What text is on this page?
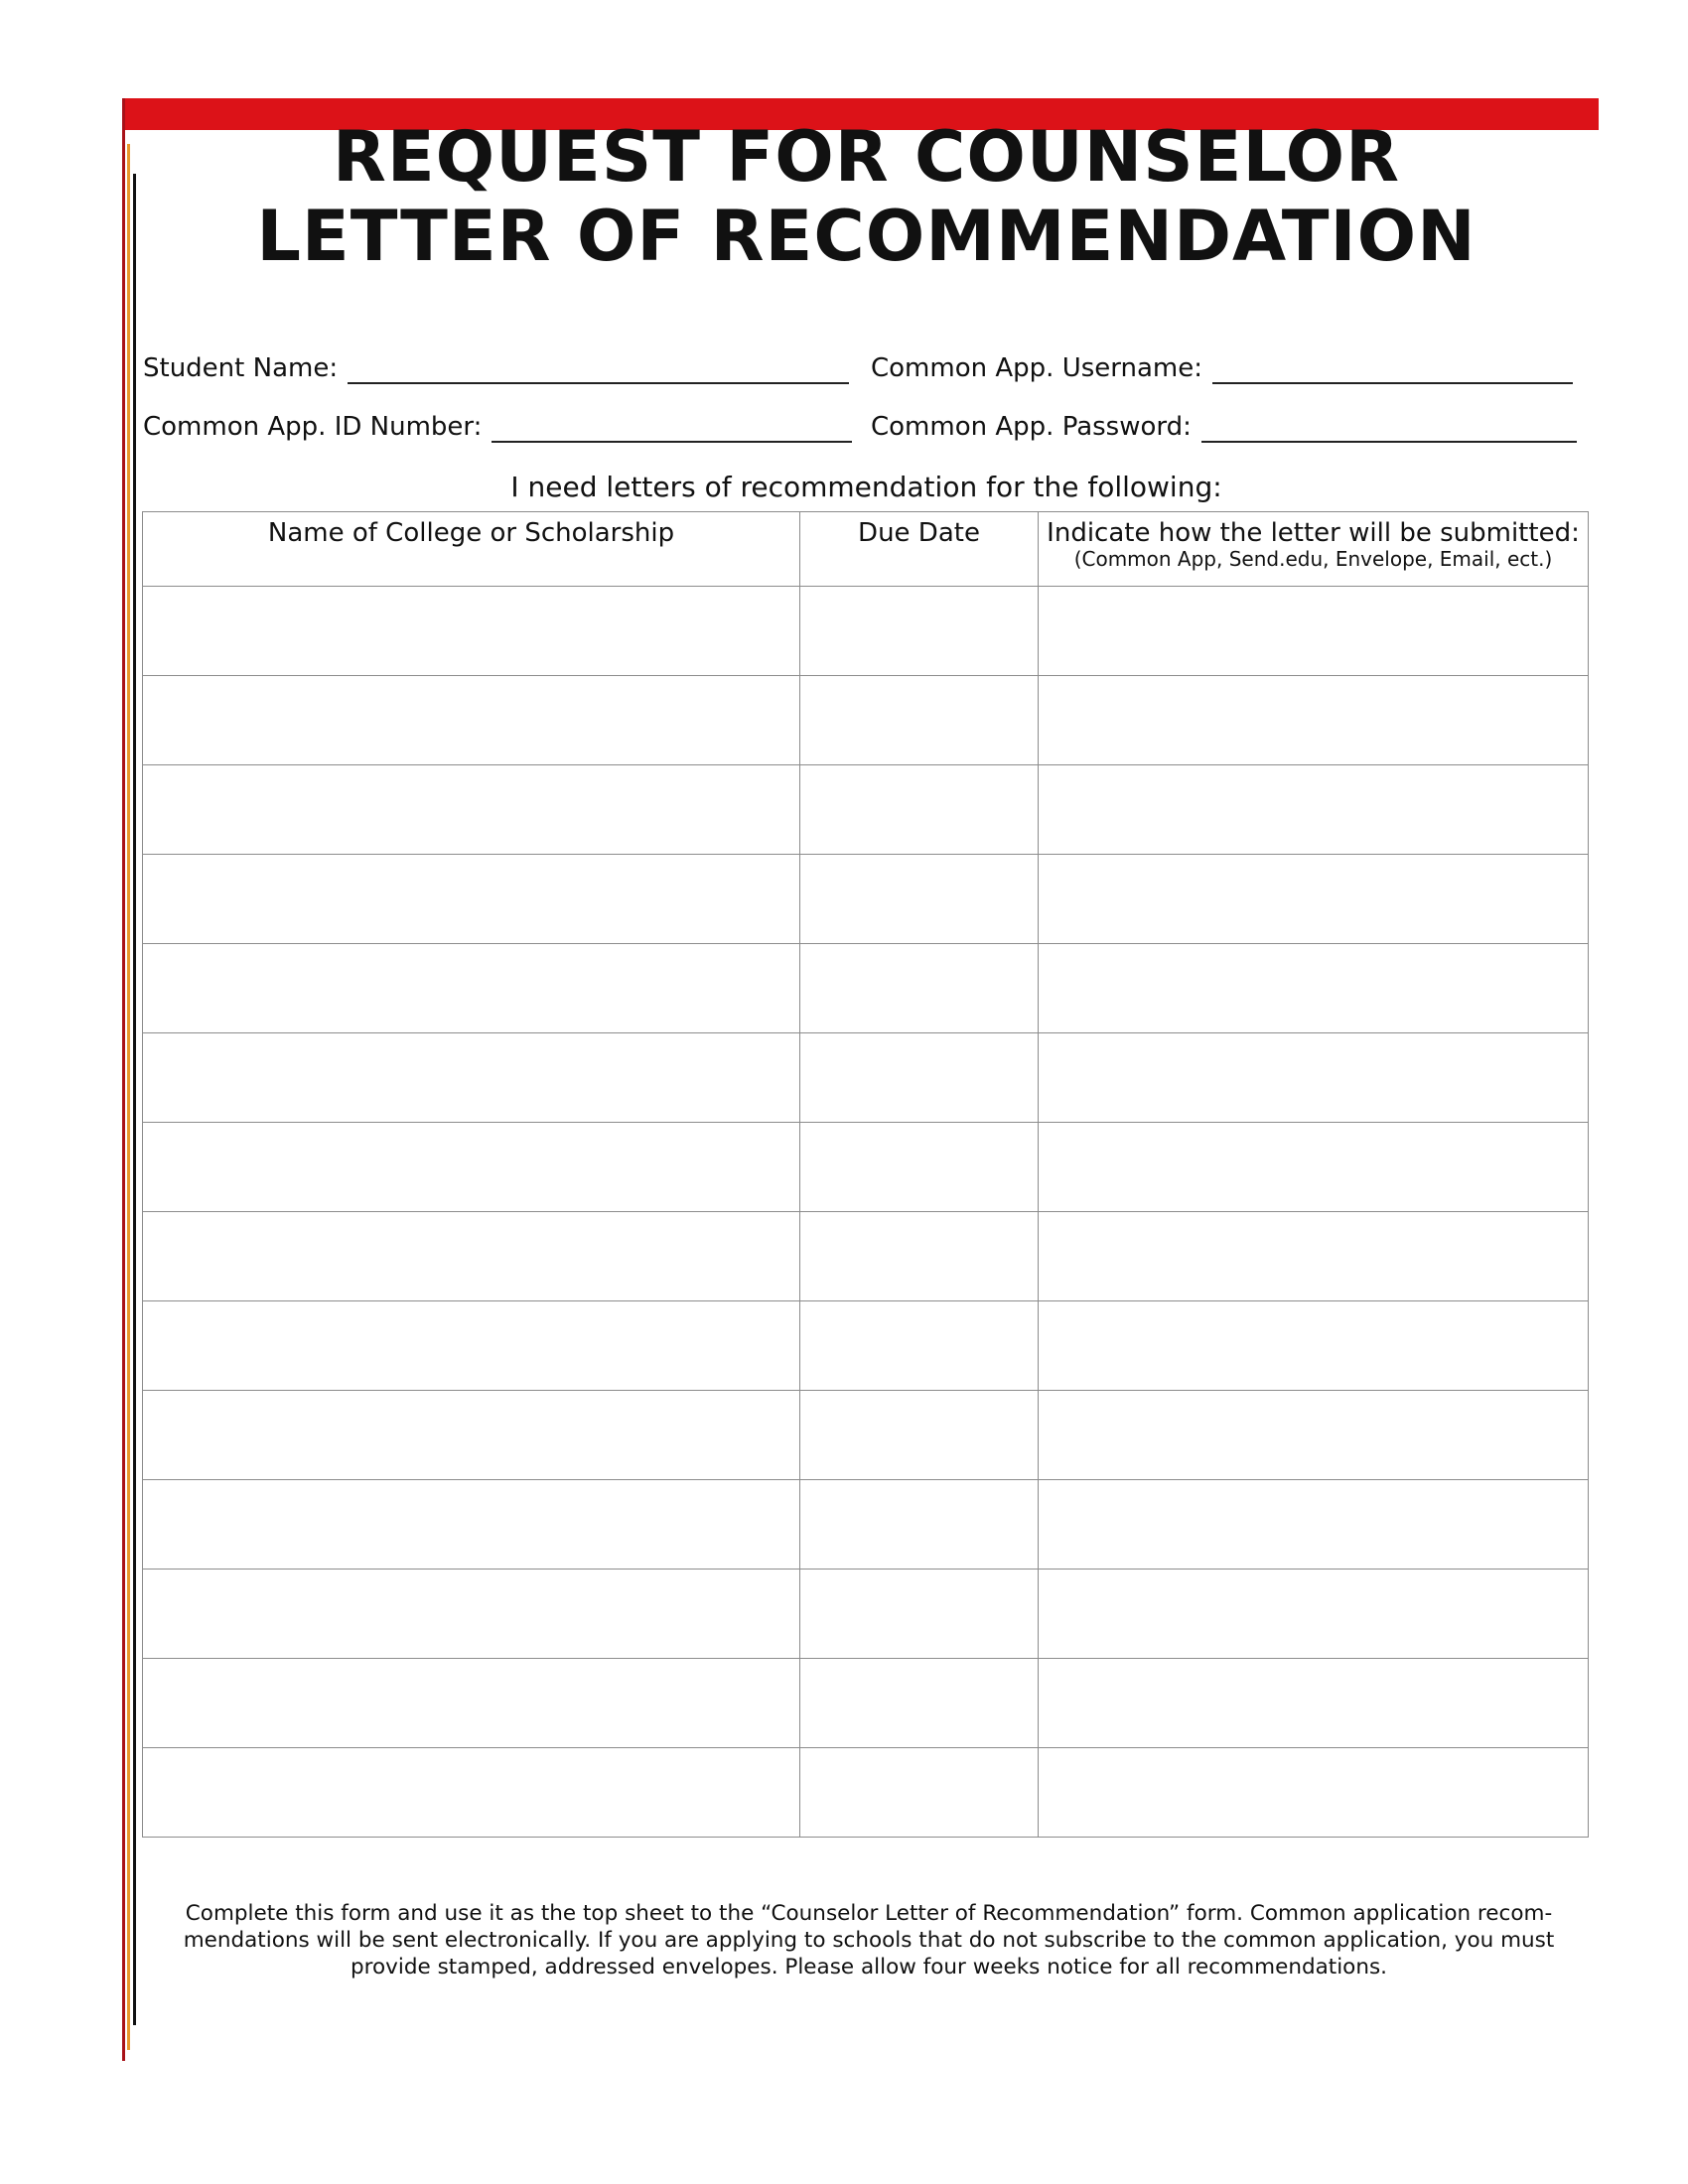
REQUEST FOR COUNSELOR
LETTER OF RECOMMENDATION
Student Name:	Common App. Username:
Common App. ID Number:	Common App. Password:

I need letters of recommendation for the following:

Name of College or Scholarship	Due Date	Indicate how the letter will be submitted:
(Common App, Send.edu, Envelope, Email, ect.)

Complete this form and use it as the top sheet to the “Counselor Letter of Recommendation” form. Common application recom- mendations will be sent electronically. If you are applying to schools that do not subscribe to the common application, you must provide stamped, addressed envelopes. Please allow four weeks notice for all recommendations.
